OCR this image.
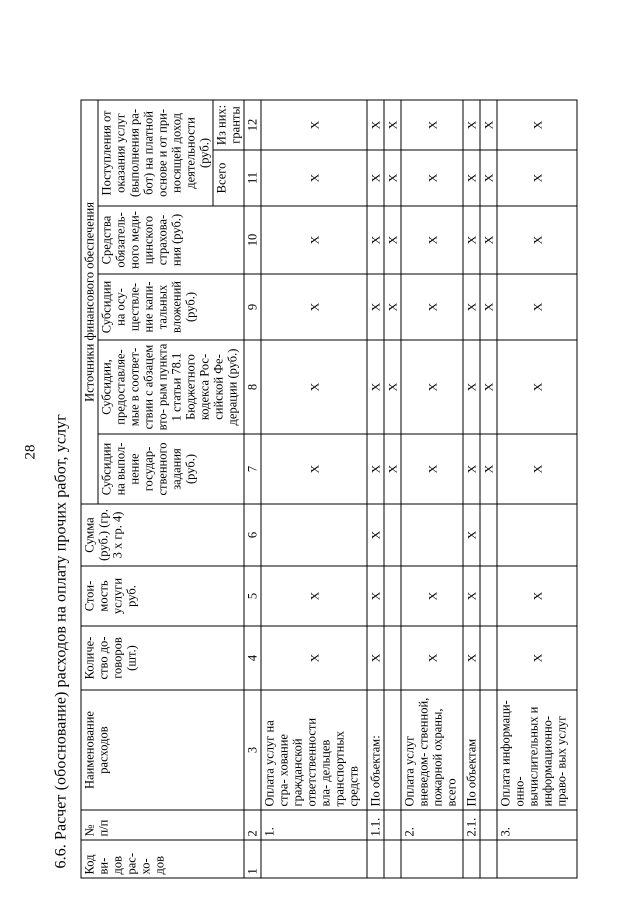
28 6.6. Расчет (обоснование) расходов на оплату прочих работ, услуг Код ви- дов рас- хо- дов	№ п/п	Наименование расходов	Количе- ство до- говоров (шт.)	Стои- мость услуги руб.	Сумма (руб.) (гр. 3 х гр. 4)	Источники финансового обеспечения					
						Субсидии на выпол- нение государ- ственного задания (руб.)	Субсидии, предоставляе- мые в соответ- ствии с абзацем вто- рым пункта 1 статьи 78.1 Бюджетного кодекса Рос- сийской Фе- дерации (руб.)	Субсидии на осу- ществле- ние капи- тальных вложений (руб.)	Средства обязатель- ного меди- цинского страхова- ния (руб.)	Поступления от оказания услуг (выполнения ра- бот) на платной основе и от при- носящей доход деятельности (руб.)	
										Всего	Из них: гранты
1	2	3	4	5	6	7	8	9	10	11	12
	1.	Оплата услуг на стра- хование гражданской ответственности вла- дельцев транспортных средств	Х	Х		Х	Х	Х	Х	Х	Х
	1.1.	По объектам:	Х	Х	Х	Х	Х	Х	Х	Х	Х
						Х	Х	Х	Х	Х	Х
	2.	Оплата услуг вневедом- ственной, пожарной охраны, всего	Х	Х		Х	Х	Х	Х	Х	Х
	2.1.	По объектам	Х	Х	Х	Х	Х	Х	Х	Х	Х
						Х	Х	Х	Х	Х	Х
	3.	Оплата информаци- онно-вычислительных и информационно-право- вых услуг	Х	Х		Х	Х	Х	Х	Х	Х
